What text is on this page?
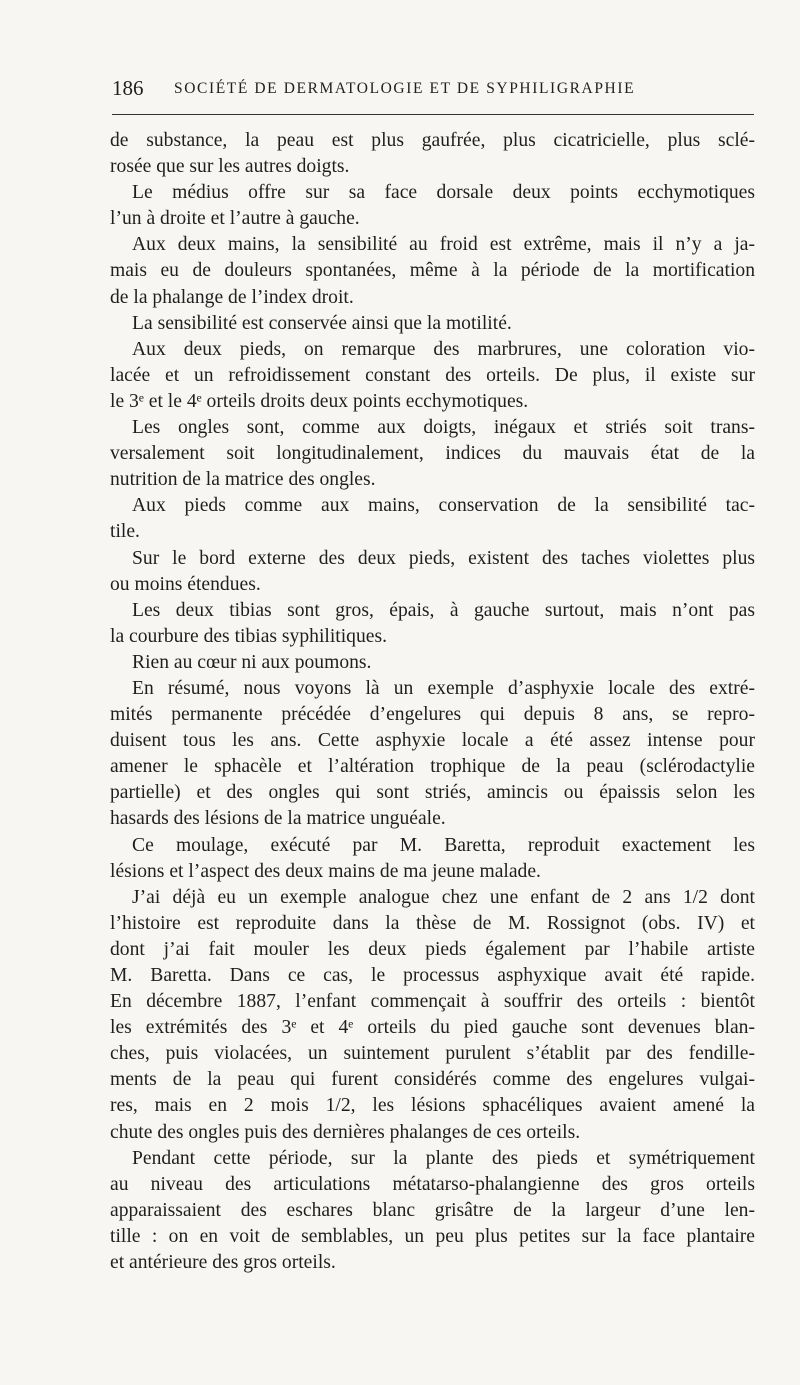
186 SOCIÉTÉ DE DERMATOLOGIE ET DE SYPHILIGRAPHIE
de substance, la peau est plus gaufrée, plus cicatricielle, plus sclé-
rosée que sur les autres doigts.
Le médius offre sur sa face dorsale deux points ecchymotiques
l’un à droite et l’autre à gauche.
Aux deux mains, la sensibilité au froid est extrême, mais il n’y a ja-
mais eu de douleurs spontanées, même à la période de la mortification
de la phalange de l’index droit.
La sensibilité est conservée ainsi que la motilité.
Aux deux pieds, on remarque des marbrures, une coloration vio-
lacée et un refroidissement constant des orteils. De plus, il existe sur
le 3ᵉ et le 4ᵉ orteils droits deux points ecchymotiques.
Les ongles sont, comme aux doigts, inégaux et striés soit trans-
versalement soit longitudinalement, indices du mauvais état de la
nutrition de la matrice des ongles.
Aux pieds comme aux mains, conservation de la sensibilité tac-
tile.
Sur le bord externe des deux pieds, existent des taches violettes plus
ou moins étendues.
Les deux tibias sont gros, épais, à gauche surtout, mais n’ont pas
la courbure des tibias syphilitiques.
Rien au cœur ni aux poumons.
En résumé, nous voyons là un exemple d’asphyxie locale des extré-
mités permanente précédée d’engelures qui depuis 8 ans, se repro-
duisent tous les ans. Cette asphyxie locale a été assez intense pour
amener le sphacèle et l’altération trophique de la peau (sclérodactylie
partielle) et des ongles qui sont striés, amincis ou épaissis selon les
hasards des lésions de la matrice unguéale.
Ce moulage, exécuté par M. Baretta, reproduit exactement les
lésions et l’aspect des deux mains de ma jeune malade.
J’ai déjà eu un exemple analogue chez une enfant de 2 ans 1/2 dont
l’histoire est reproduite dans la thèse de M. Rossignot (obs. IV) et
dont j’ai fait mouler les deux pieds également par l’habile artiste
M. Baretta. Dans ce cas, le processus asphyxique avait été rapide.
En décembre 1887, l’enfant commençait à souffrir des orteils : bientôt
les extrémités des 3ᵉ et 4ᵉ orteils du pied gauche sont devenues blan-
ches, puis violacées, un suintement purulent s’établit par des fendille-
ments de la peau qui furent considérés comme des engelures vulgai-
res, mais en 2 mois 1/2, les lésions sphacéliques avaient amené la
chute des ongles puis des dernières phalanges de ces orteils.
Pendant cette période, sur la plante des pieds et symétriquement
au niveau des articulations métatarso-phalangienne des gros orteils
apparaissaient des eschares blanc grisâtre de la largeur d’une len-
tille : on en voit de semblables, un peu plus petites sur la face plantaire
et antérieure des gros orteils.
